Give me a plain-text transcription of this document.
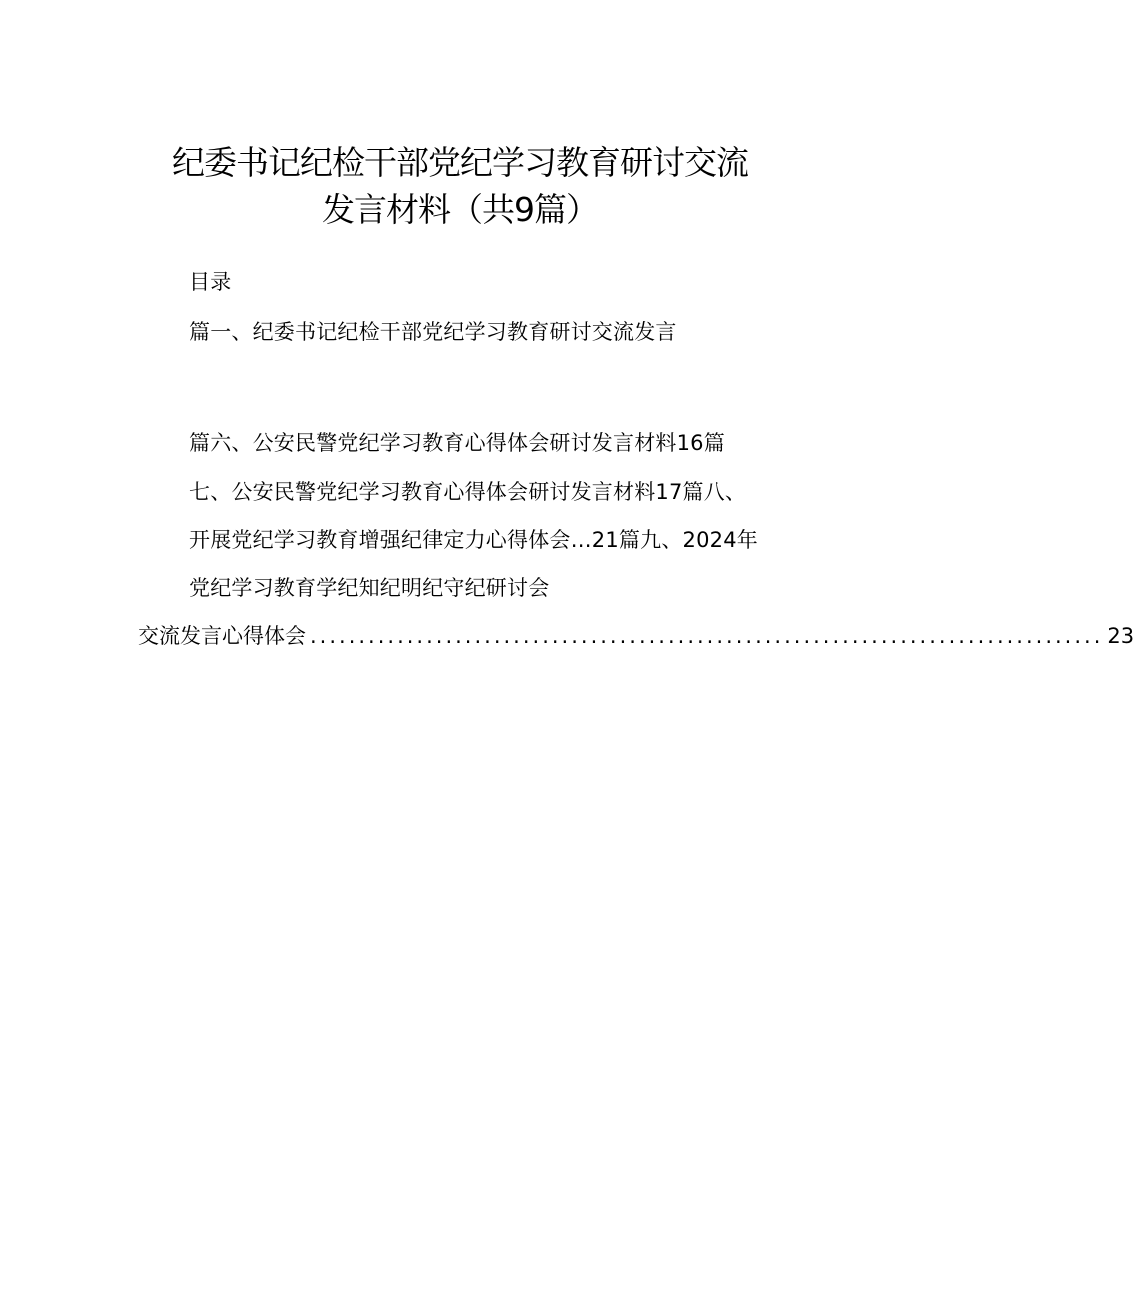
纪委书记纪检干部党纪学习教育研讨交流
发言材料（共9篇）
目录
篇一、纪委书记纪检干部党纪学习教育研讨交流发言
篇六、公安民警党纪学习教育心得体会研讨发言材料16篇
七、公安民警党纪学习教育心得体会研讨发言材料17篇八、
开展党纪学习教育增强纪律定力心得体会…21篇九、2024年
党纪学习教育学纪知纪明纪守纪研讨会
交流发言心得体会 .................................................................................. 23
